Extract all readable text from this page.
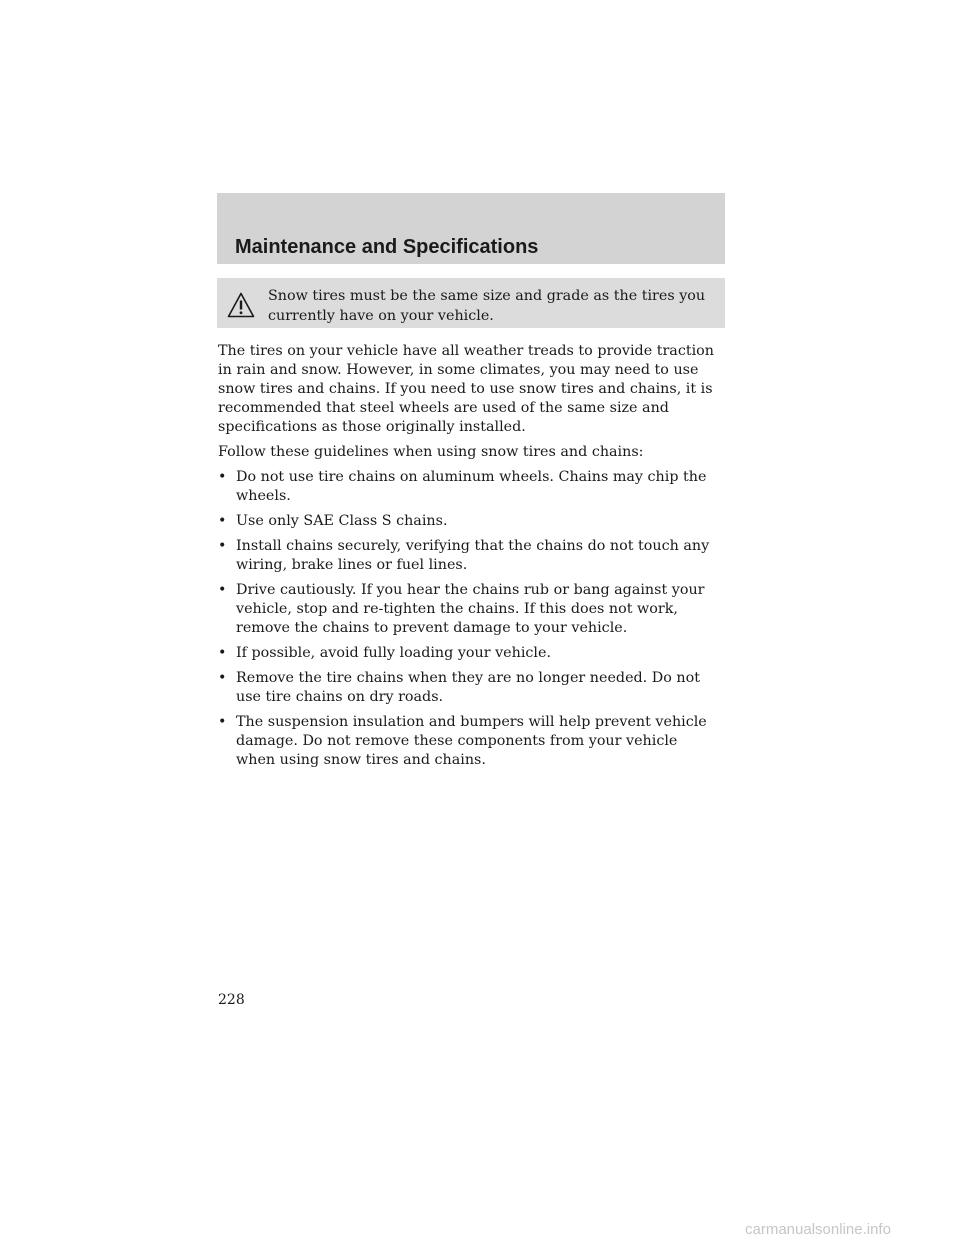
Maintenance and Specifications
Snow tires must be the same size and grade as the tires you currently have on your vehicle.

The tires on your vehicle have all weather treads to provide traction in rain and snow. However, in some climates, you may need to use snow tires and chains. If you need to use snow tires and chains, it is recommended that steel wheels are used of the same size and specifications as those originally installed.

Follow these guidelines when using snow tires and chains:

• Do not use tire chains on aluminum wheels. Chains may chip the wheels.
• Use only SAE Class S chains.
• Install chains securely, verifying that the chains do not touch any wiring, brake lines or fuel lines.
• Drive cautiously. If you hear the chains rub or bang against your vehicle, stop and re-tighten the chains. If this does not work, remove the chains to prevent damage to your vehicle.
• If possible, avoid fully loading your vehicle.
• Remove the tire chains when they are no longer needed. Do not use tire chains on dry roads.
• The suspension insulation and bumpers will help prevent vehicle damage. Do not remove these components from your vehicle when using snow tires and chains.
228
carmanualsonline.info
